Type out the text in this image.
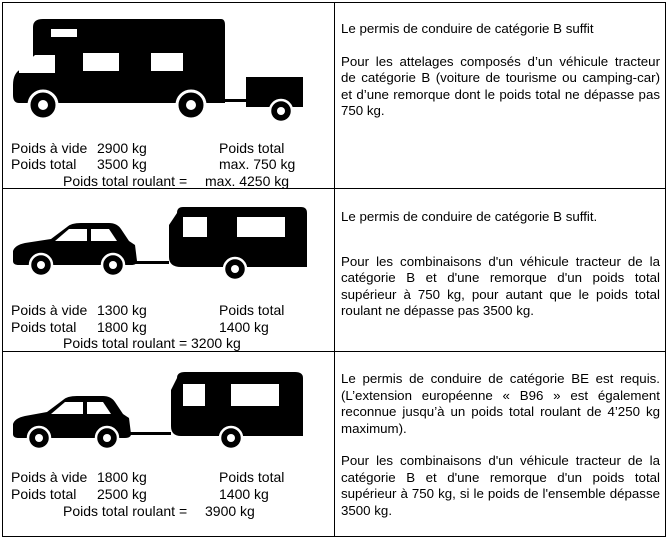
Poids à vide 2900 kg	Poids total
Poids total 3500 kg	max. 750 kg
Poids total roulant = max. 4250 kg

Le permis de conduire de catégorie B suffit

Pour les attelages composés d’un véhicule tracteur de catégorie B (voiture de tourisme ou camping-car) et d’une remorque dont le poids total ne dépasse pas 750 kg.

Poids à vide 1300 kg	Poids total
Poids total 1800 kg	1400 kg
Poids total roulant = 3200 kg

Le permis de conduire de catégorie B suffit.

Pour les combinaisons d'un véhicule tracteur de la catégorie B et d'une remorque d'un poids total supérieur à 750 kg, pour autant que le poids total roulant ne dépasse pas 3500 kg.

Poids à vide 1800 kg	Poids total
Poids total 2500 kg	1400 kg
Poids total roulant = 3900 kg

Le permis de conduire de catégorie BE est requis. (L’extension européenne « B96 » est également reconnue jusqu’à un poids total roulant de 4’250 kg maximum).

Pour les combinaisons d'un véhicule tracteur de la catégorie B et d'une remorque d'un poids total supérieur à 750 kg, si le poids de l'ensemble dépasse 3500 kg.
